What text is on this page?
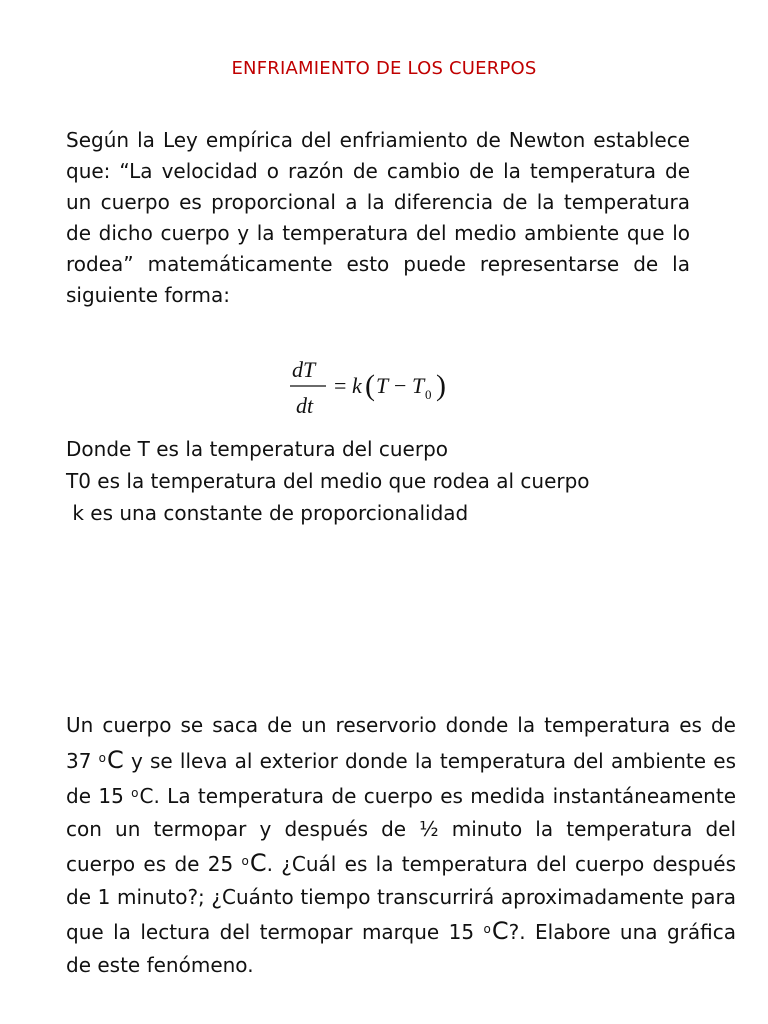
ENFRIAMIENTO DE LOS CUERPOS
Según la Ley empírica del enfriamiento de Newton establece que: “La velocidad o razón de cambio de la temperatura de un cuerpo es proporcional a la diferencia de la temperatura de dicho cuerpo y la temperatura del medio ambiente que lo rodea” matemáticamente esto puede representarse de la siguiente forma:
dT
dt
= k ( T − T 0 )
Donde T es la temperatura del cuerpo
T0 es la temperatura del medio que rodea al cuerpo
k es una constante de proporcionalidad
Un cuerpo se saca de un reservorio donde la temperatura es de 37 $^o$C y se lleva al exterior donde la temperatura del ambiente es de 15 $^o$C. La temperatura de cuerpo es medida instantáneamente con un termopar y después de ½ minuto la temperatura del cuerpo es de 25 $^o$C. ¿Cuál es la temperatura del cuerpo después de 1 minuto?; ¿Cuánto tiempo transcurrirá aproximadamente para que la lectura del termopar marque 15 $^o$C?. Elabore una gráfica de este fenómeno.
